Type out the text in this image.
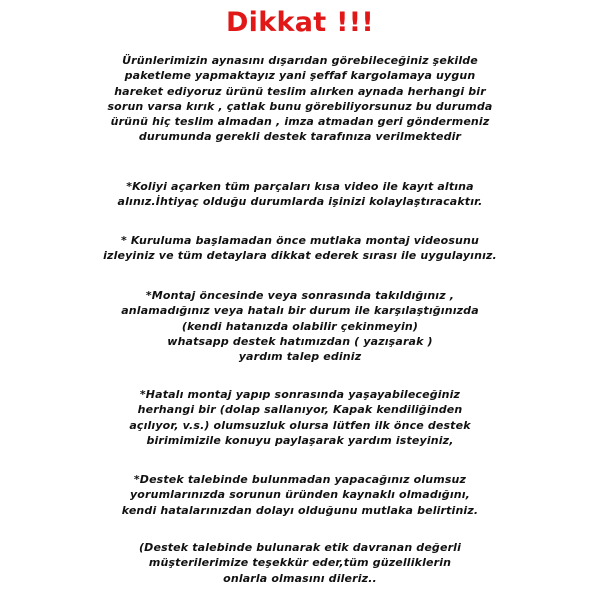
Dikkat !!!
Ürünlerimizin aynasını dışarıdan görebileceğiniz şekilde
paketleme yapmaktayız yani şeffaf kargolamaya uygun
hareket ediyoruz ürünü teslim alırken aynada herhangi bir
sorun varsa kırık , çatlak bunu görebiliyorsunuz bu durumda
ürünü hiç teslim almadan , imza atmadan geri göndermeniz
durumunda gerekli destek tarafınıza verilmektedir
*Koliyi açarken tüm parçaları kısa video ile kayıt altına
alınız.İhtiyaç olduğu durumlarda işinizi kolaylaştıracaktır.
* Kuruluma başlamadan önce mutlaka montaj videosunu
izleyiniz ve tüm detaylara dikkat ederek sırası ile uygulayınız.
*Montaj öncesinde veya sonrasında takıldığınız ,
anlamadığınız veya hatalı bir durum ile karşılaştığınızda
(kendi hatanızda olabilir çekinmeyin)
whatsapp destek hatımızdan ( yazışarak )
yardım talep ediniz
*Hatalı montaj yapıp sonrasında yaşayabileceğiniz
herhangi bir (dolap sallanıyor, Kapak kendiliğinden
açılıyor, v.s.) olumsuzluk olursa lütfen ilk önce destek
birimimizile konuyu paylaşarak yardım isteyiniz,
*Destek talebinde bulunmadan yapacağınız olumsuz
yorumlarınızda sorunun üründen kaynaklı olmadığını,
kendi hatalarınızdan dolayı olduğunu mutlaka belirtiniz.
(Destek talebinde bulunarak etik davranan değerli
müşterilerimize teşekkür eder,tüm güzelliklerin
onlarla olmasını dileriz..
